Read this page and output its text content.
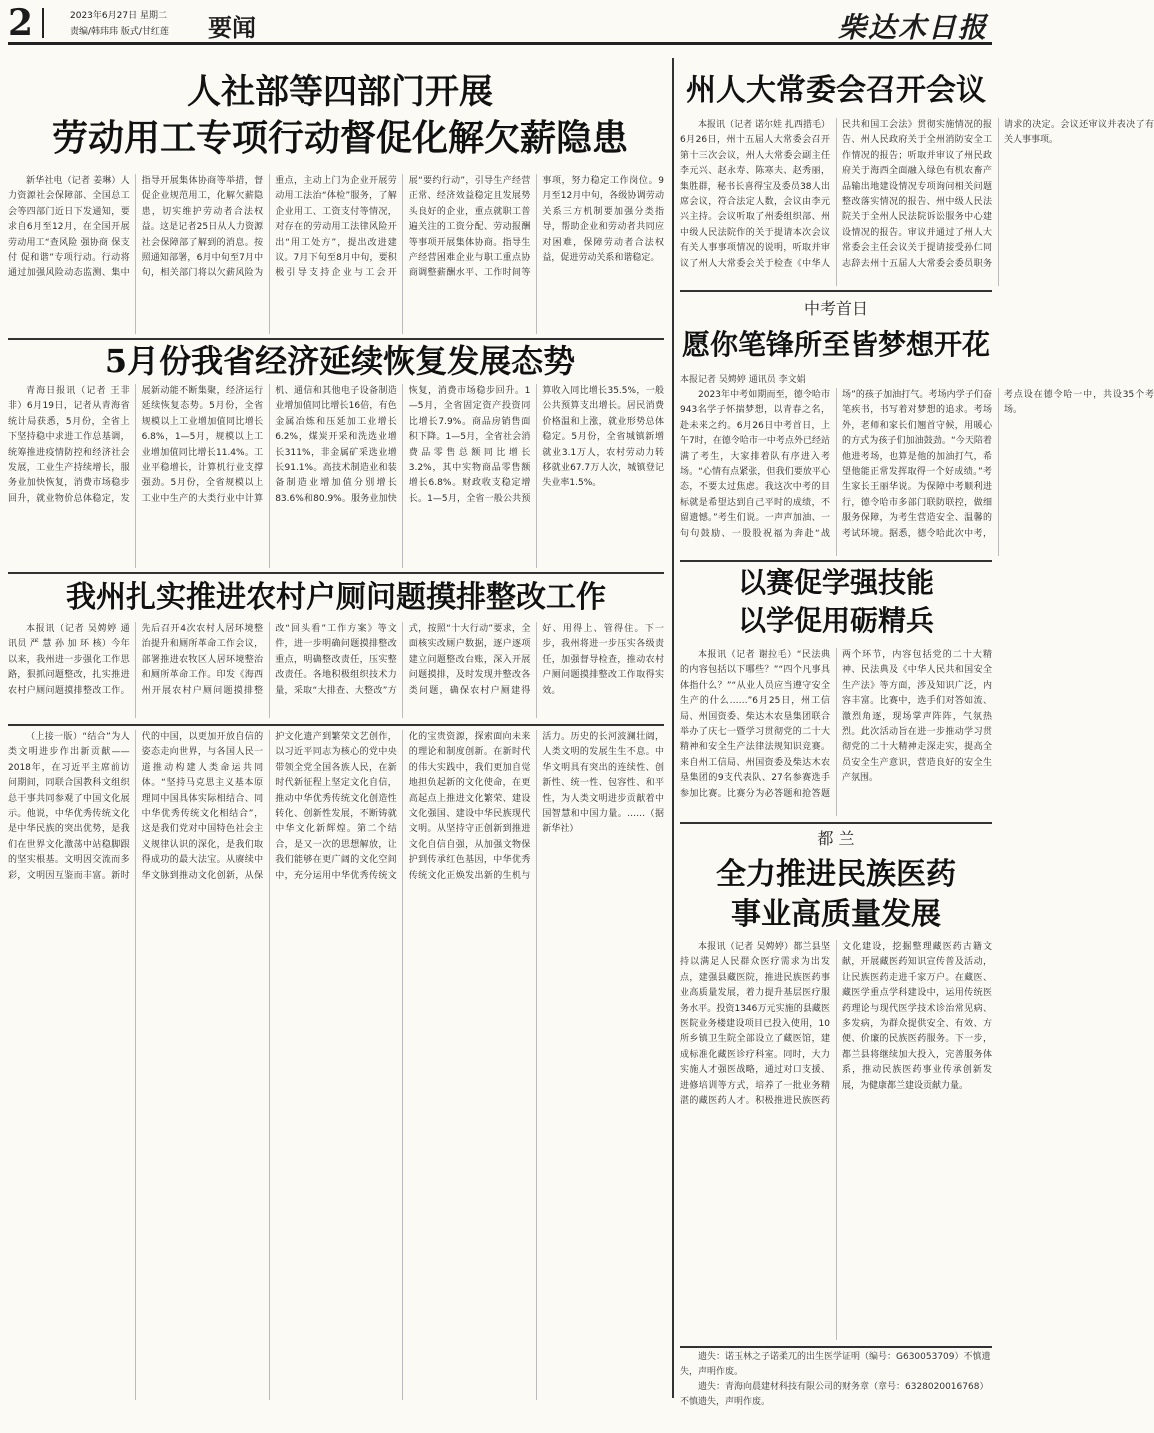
2	2023年6月27日 星期二
责编/韩玮玮 版式/甘红莲 要闻	柴达木日报
人社部等四部门开展
劳动用工专项行动督促化解欠薪隐患

新华社电（记者 姜琳）人力资源社会保障部、全国总工会等四部门近日下发通知，要求自6月至12月，在全国开展劳动用工“查风险 强协商 保支付 促和谐”专项行动。行动将通过加强风险动态监测、集中指导开展集体协商等举措，督促企业规范用工，化解欠薪隐患，切实维护劳动者合法权益。这是记者25日从人力资源社会保障部了解到的消息。按照通知部署，6月中旬至7月中旬，相关部门将以欠薪风险为重点，主动上门为企业开展劳动用工法治“体检”服务，了解企业用工、工资支付等情况，对存在的劳动用工法律风险开出“用工处方”，提出改进建议。7月下旬至8月中旬，要积极引导支持企业与工会开展“要约行动”，引导生产经营正常、经济效益稳定且发展势头良好的企业，重点就职工普遍关注的工资分配、劳动报酬等事项开展集体协商。指导生产经营困难企业与职工重点协商调整薪酬水平、工作时间等事项，努力稳定工作岗位。9月至12月中旬，各级协调劳动关系三方机制要加强分类指导，帮助企业和劳动者共同应对困难，保障劳动者合法权益，促进劳动关系和谐稳定。

州人大常委会召开会议

本报讯（记者 诺尔娃 扎西措毛）6月26日，州十五届人大常委会召开第十三次会议，州人大常委会副主任李元兴、赵永寿、陈寒夫、赵秀丽，集胜群，秘书长喜得宝及委员38人出席会议，符合法定人数，会议由李元兴主持。会议听取了州委组织部、州中级人民法院作的关于提请本次会议有关人事事项情况的说明，听取并审议了州人大常委会关于检查《中华人民共和国工会法》贯彻实施情况的报告、州人民政府关于全州消防安全工作情况的报告；听取并审议了州民政府关于海西全面融入绿色有机农畜产品输出地建设情况专项询问相关问题整改落实情况的报告、州中级人民法院关于全州人民法院诉讼服务中心建设情况的报告。审议并通过了州人大常委会主任会议关于提请接受孙仁同志辞去州十五届人大常委会委员职务请求的决定。会议还审议并表决了有关人事事项。

中考首日
愿你笔锋所至皆梦想开花
本报记者 吴娉婷 通讯员 李文娟

2023年中考如期而至，德令哈市943名学子怀揣梦想，以青春之名，赴未来之约。6月26日中考首日，上午7时，在德令哈市一中考点外已经站满了考生，大家排着队有序进入考场。“心情有点紧张，但我们要放平心态，不要太过焦虑。我这次中考的目标就是希望达到自己平时的成绩，不留遗憾。”考生们说。一声声加油、一句句鼓励、一股股祝福为奔赴“战场”的孩子加油打气。考场内学子们奋笔疾书，书写着对梦想的追求。考场外，老师和家长们翘首守候，用暖心的方式为孩子们加油鼓劲。“今天陪着他进考场，也算是他的加油打气，希望他能正常发挥取得一个好成绩。”考生家长王丽华说。为保障中考顺利进行，德令哈市多部门联防联控，做细服务保障，为考生营造安全、温馨的考试环境。据悉，德令哈此次中考，考点设在德令哈一中，共设35个考场。

5月份我省经济延续恢复发展态势

青海日报讯（记者 王非非）6月19日，记者从青海省统计局获悉，5月份，全省上下坚持稳中求进工作总基调，统筹推进疫情防控和经济社会发展，工业生产持续增长，服务业加快恢复，消费市场稳步回升，就业物价总体稳定，发展新动能不断集聚，经济运行延续恢复态势。5月份，全省规模以上工业增加值同比增长6.8%，1—5月，规模以上工业增加值同比增长11.4%。工业平稳增长，计算机行业支撑强劲。5月份，全省规模以上工业中生产的大类行业中计算机、通信和其他电子设备制造业增加值同比增长16倍，有色金属冶炼和压延加工业增长6.2%，煤炭开采和洗选业增长311%，非金属矿采选业增长91.1%。高技术制造业和装备制造业增加值分别增长83.6%和80.9%。服务业加快恢复，消费市场稳步回升。1—5月，全省固定资产投资同比增长7.9%。商品房销售面积下降。1—5月，全省社会消费品零售总额同比增长3.2%，其中实物商品零售额增长6.8%。财政收支稳定增长。1—5月，全省一般公共预算收入同比增长35.5%，一般公共预算支出增长。居民消费价格温和上涨，就业形势总体稳定。5月份，全省城镇新增就业3.1万人，农村劳动力转移就业67.7万人次，城镇登记失业率1.5%。

我州扎实推进农村户厕问题摸排整改工作

本报讯（记者 吴娉婷 通讯员 严 慧 孙 加 环 核）今年以来，我州进一步强化工作思路，狠抓问题整改，扎实推进农村户厕问题摸排整改工作。先后召开4次农村人居环境整治提升和厕所革命工作会议，部署推进农牧区人居环境整治和厕所革命工作。印发《海西州开展农村户厕问题摸排整改“回头看”工作方案》等文件，进一步明确问题摸排整改重点，明确整改责任，压实整改责任。各地积极组织技术力量，采取“大排查、大整改”方式，按照“十大行动”要求，全面核实改厕户数据，逐户逐项建立问题整改台账，深入开展问题摸排，及时发现并整改各类问题，确保农村户厕建得好、用得上、管得住。下一步，我州将进一步压实各级责任，加强督导检查，推动农村户厕问题摸排整改工作取得实效。

以赛促学强技能
以学促用砺精兵

本报讯（记者 谢拉毛）“民法典的内容包括以下哪些？”“四个凡事具体指什么？”“从业人员应当遵守安全生产的什么……”6月25日，州工信局、州国资委、柴达木农垦集团联合举办了庆七一暨学习贯彻党的二十大精神和安全生产法律法规知识竞赛。来自州工信局、州国资委及柴达木农垦集团的9支代表队、27名参赛选手参加比赛。比赛分为必答题和抢答题两个环节，内容包括党的二十大精神、民法典及《中华人民共和国安全生产法》等方面，涉及知识广泛，内容丰富。比赛中，选手们对答如流、激烈角逐，现场掌声阵阵，气氛热烈。此次活动旨在进一步推动学习贯彻党的二十大精神走深走实，提高全员安全生产意识，营造良好的安全生产氛围。

（上接一版）“结合”为人类文明进步作出新贡献——2018年，在习近平主席前访问期间，同联合国教科文组织总干事共同参观了中国文化展示。他说，中华优秀传统文化是中华民族的突出优势，是我们在世界文化激荡中站稳脚跟的坚实根基。文明因交流而多彩，文明因互鉴而丰富。新时代的中国，以更加开放自信的姿态走向世界，与各国人民一道推动构建人类命运共同体。“坚持马克思主义基本原理同中国具体实际相结合、同中华优秀传统文化相结合”，这是我们党对中国特色社会主义规律认识的深化，是我们取得成功的最大法宝。从赓续中华文脉到推动文化创新，从保护文化遗产到繁荣文艺创作，以习近平同志为核心的党中央带领全党全国各族人民，在新时代新征程上坚定文化自信，推动中华优秀传统文化创造性转化、创新性发展，不断铸就中华文化新辉煌。第二个结合，是又一次的思想解放，让我们能够在更广阔的文化空间中，充分运用中华优秀传统文化的宝贵资源，探索面向未来的理论和制度创新。在新时代的伟大实践中，我们更加自觉地担负起新的文化使命，在更高起点上推进文化繁荣、建设文化强国、建设中华民族现代文明。从坚持守正创新到推进文化自信自强，从加强文物保护到传承红色基因，中华优秀传统文化正焕发出新的生机与活力。历史的长河波澜壮阔，人类文明的发展生生不息。中华文明具有突出的连续性、创新性、统一性、包容性、和平性，为人类文明进步贡献着中国智慧和中国力量。……（据新华社）	都 兰
全力推进民族医药
事业高质量发展

本报讯（记者 吴娉婷）都兰县坚持以满足人民群众医疗需求为出发点，建强县藏医院，推进民族医药事业高质量发展，着力提升基层医疗服务水平。投资1346万元实施的县藏医医院业务楼建设项目已投入使用，10所乡镇卫生院全部设立了藏医馆，建成标准化藏医诊疗科室。同时，大力实施人才强医战略，通过对口支援、进修培训等方式，培养了一批业务精湛的藏医药人才。积极推进民族医药文化建设，挖掘整理藏医药古籍文献，开展藏医药知识宣传普及活动，让民族医药走进千家万户。在藏医、藏医学重点学科建设中，运用传统医药理论与现代医学技术诊治常见病、多发病，为群众提供安全、有效、方便、价廉的民族医药服务。下一步，都兰县将继续加大投入，完善服务体系，推动民族医药事业传承创新发展，为健康都兰建设贡献力量。

遗失：诺玉林之子诺柔兀的出生医学证明（编号：G630053709）不慎遗失，声明作废。

遗失：青海向晨建材科技有限公司的财务章（章号：6328020016768）不慎遗失，声明作废。
